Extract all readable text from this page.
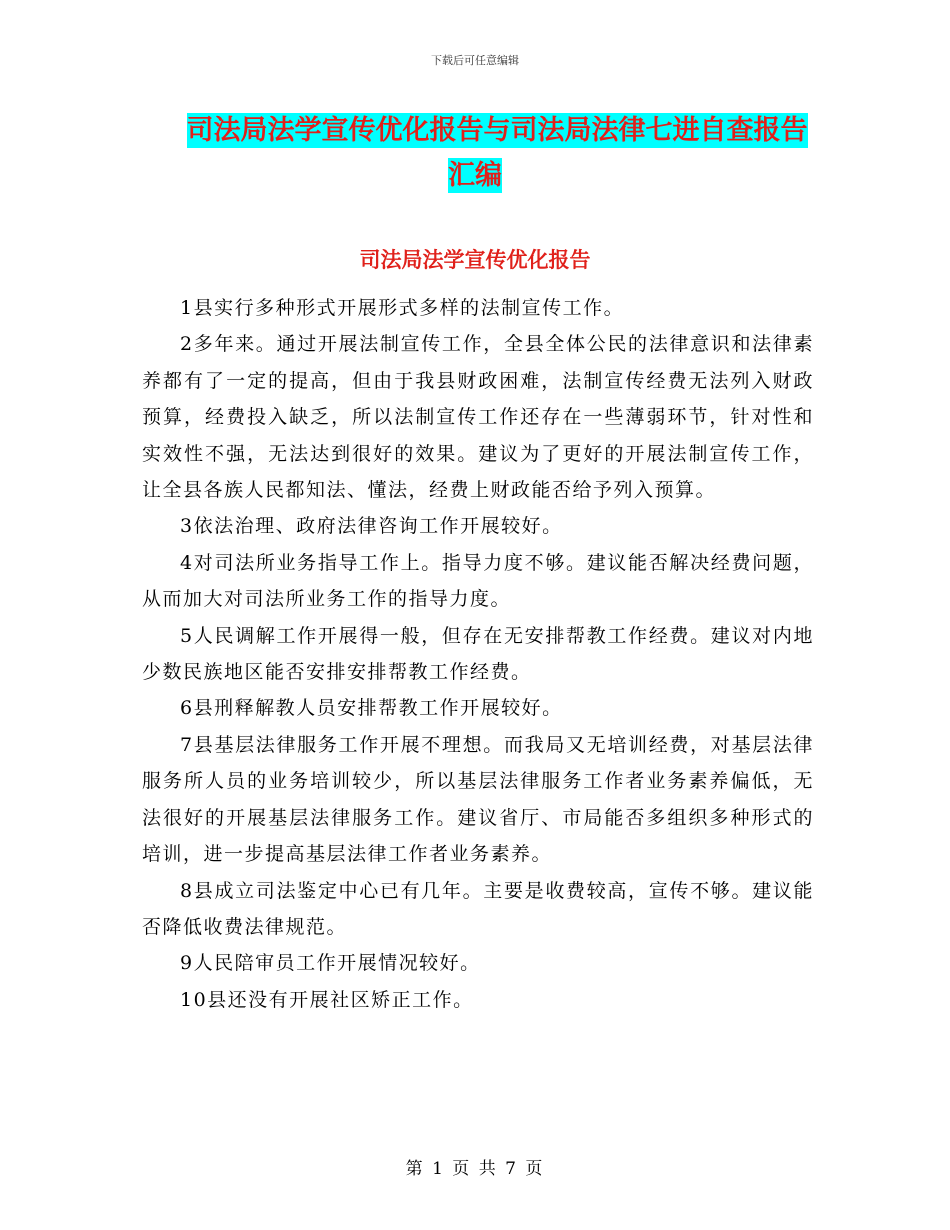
下载后可任意编辑
司法局法学宣传优化报告与司法局法律七进自查报告
汇编
司法局法学宣传优化报告

1县实行多种形式开展形式多样的法制宣传工作。

2多年来。通过开展法制宣传工作，全县全体公民的法律意识和法律素养都有了一定的提高，但由于我县财政困难，法制宣传经费无法列入财政预算，经费投入缺乏，所以法制宣传工作还存在一些薄弱环节，针对性和实效性不强，无法达到很好的效果。建议为了更好的开展法制宣传工作，让全县各族人民都知法、懂法，经费上财政能否给予列入预算。

3依法治理、政府法律咨询工作开展较好。

4对司法所业务指导工作上。指导力度不够。建议能否解决经费问题，从而加大对司法所业务工作的指导力度。

5人民调解工作开展得一般，但存在无安排帮教工作经费。建议对内地少数民族地区能否安排安排帮教工作经费。

6县刑释解教人员安排帮教工作开展较好。

7县基层法律服务工作开展不理想。而我局又无培训经费，对基层法律服务所人员的业务培训较少，所以基层法律服务工作者业务素养偏低，无法很好的开展基层法律服务工作。建议省厅、市局能否多组织多种形式的培训，进一步提高基层法律工作者业务素养。

8县成立司法鉴定中心已有几年。主要是收费较高，宣传不够。建议能否降低收费法律规范。

9人民陪审员工作开展情况较好。

10县还没有开展社区矫正工作。

第 1 页 共 7 页
